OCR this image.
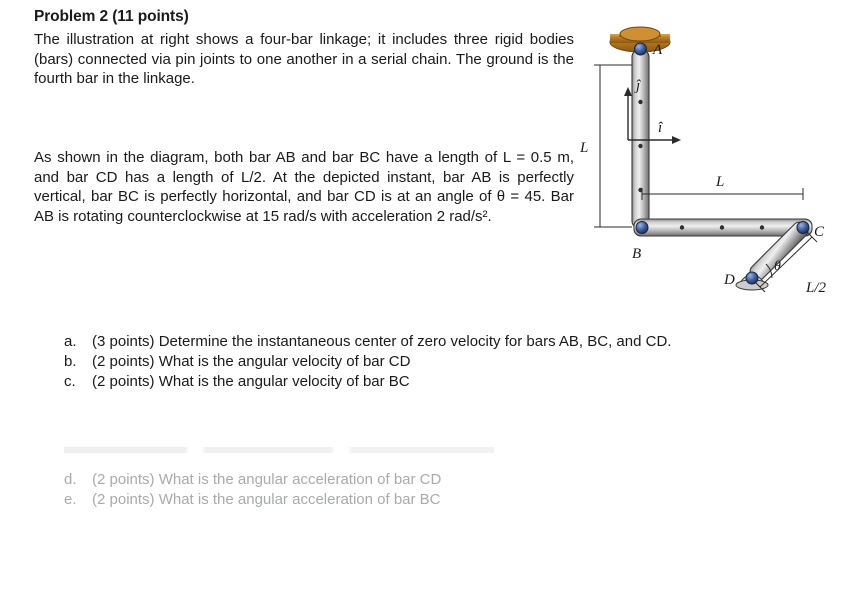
Problem 2 (11 points)
The illustration at right shows a four-bar linkage; it includes three rigid bodies (bars) connected via pin joints to one another in a serial chain. The ground is the fourth bar in the linkage.
As shown in the diagram, both bar AB and bar BC have a length of L = 0.5 m, and bar CD has a length of L/2. At the depicted instant, bar AB is perfectly vertical, bar BC is perfectly horizontal, and bar CD is at an angle of θ = 45. Bar AB is rotating counterclockwise at 15 rad/s with acceleration 2 rad/s².
a.	(3 points) Determine the instantaneous center of zero velocity for bars AB, BC, and CD.
b.	(2 points) What is the angular velocity of bar CD
c.	(2 points) What is the angular velocity of bar BC
d.	(2 points) What is the angular acceleration of bar CD
e.	(2 points) What is the angular acceleration of bar BC
A
B
C
D
L
L
L/2
θ
ĵ
î
